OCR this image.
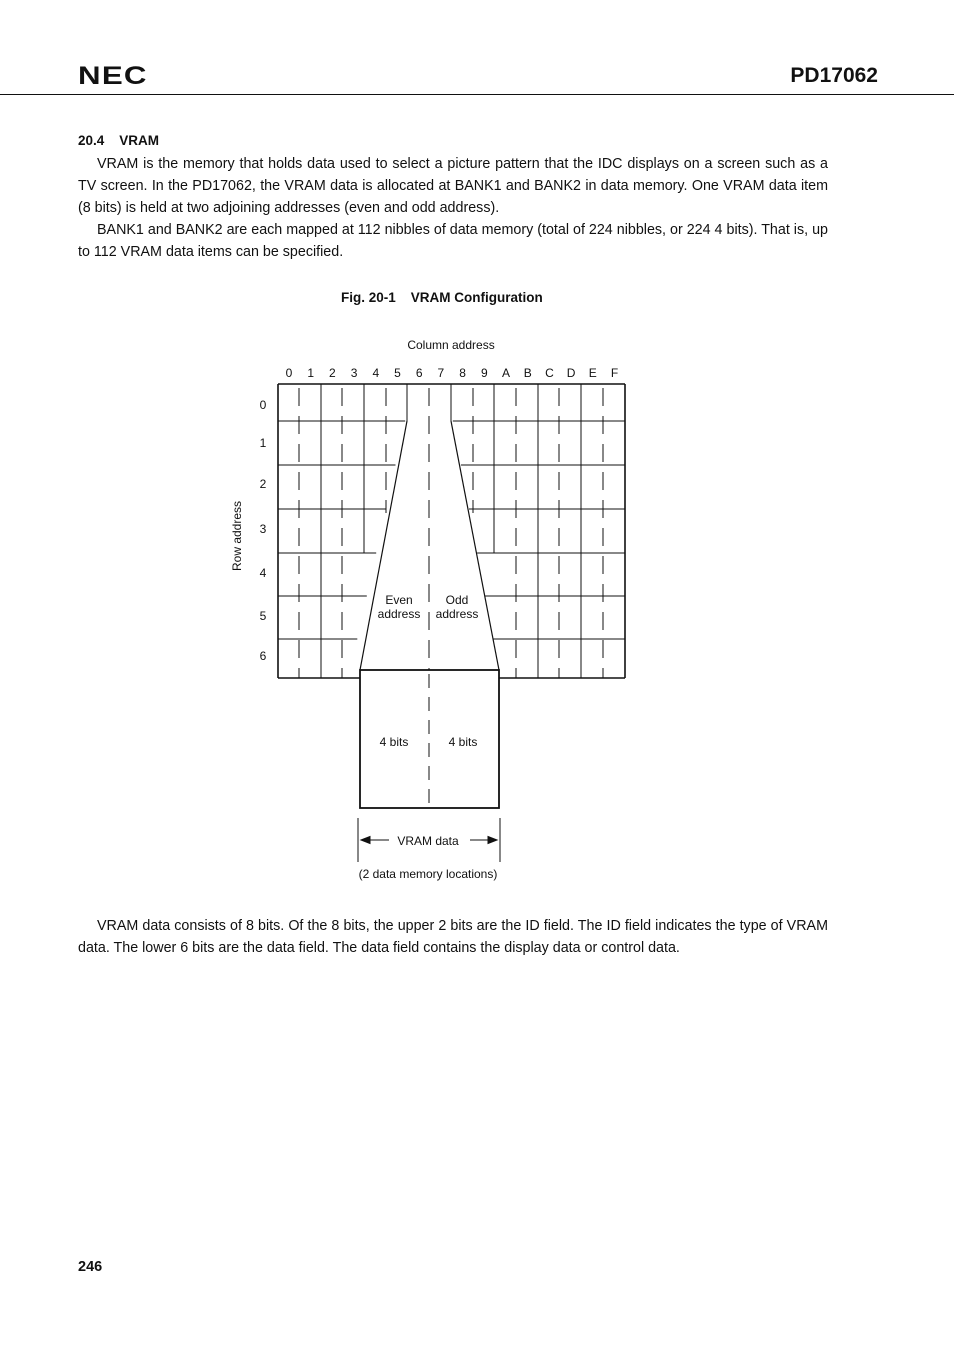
NEC	PD17062
20.4    VRAM

VRAM is the memory that holds data used to select a picture pattern that the IDC displays on a screen such as a TV screen. In the PD17062, the VRAM data is allocated at BANK1 and BANK2 in data memory. One VRAM data item (8 bits) is held at two adjoining addresses (even and odd address).

BANK1 and BANK2 are each mapped at 112 nibbles of data memory (total of 224 nibbles, or 224 4 bits). That is, up to 112 VRAM data items can be specified.

Fig. 20-1    VRAM Configuration
Column address
0 1 2 3 4 5 6 7 8 9 A B C D E F
Row address
0
1
2
3
4
5
6
Even
address
Odd
address
4 bits	4 bits
VRAM data
(2 data memory locations)

VRAM data consists of 8 bits. Of the 8 bits, the upper 2 bits are the ID field. The ID field indicates the type of VRAM data. The lower 6 bits are the data field. The data field contains the display data or control data.

246
